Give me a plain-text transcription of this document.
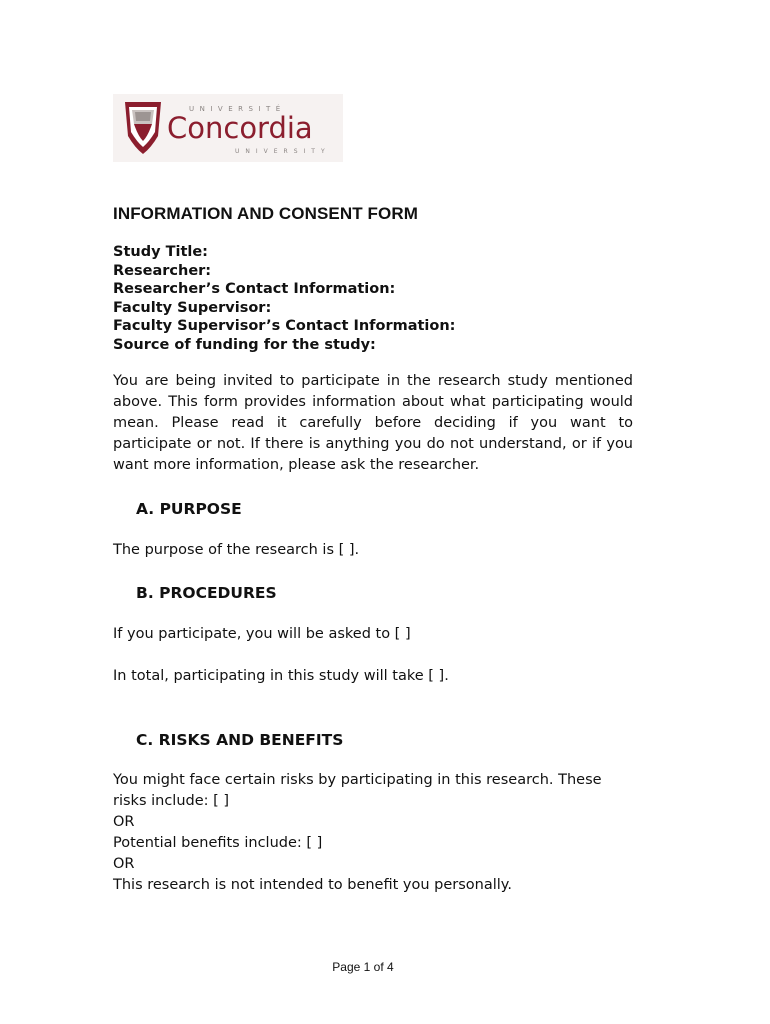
UNIVERSITÉ
Concordia
UNIVERSITY
INFORMATION AND CONSENT FORM
Study Title:
Researcher:
Researcher’s Contact Information:
Faculty Supervisor:
Faculty Supervisor’s Contact Information:
Source of funding for the study:

You are being invited to participate in the research study mentioned above. This form provides information about what participating would mean. Please read it carefully before deciding if you want to participate or not. If there is anything you do not understand, or if you want more information, please ask the researcher.

A. PURPOSE

The purpose of the research is [ ].

B. PROCEDURES

If you participate, you will be asked to [ ]

In total, participating in this study will take [ ].

C. RISKS AND BENEFITS
You might face certain risks by participating in this research. These risks include: [ ]
OR
Potential benefits include: [ ]
OR
This research is not intended to benefit you personally.
Page 1 of 4
